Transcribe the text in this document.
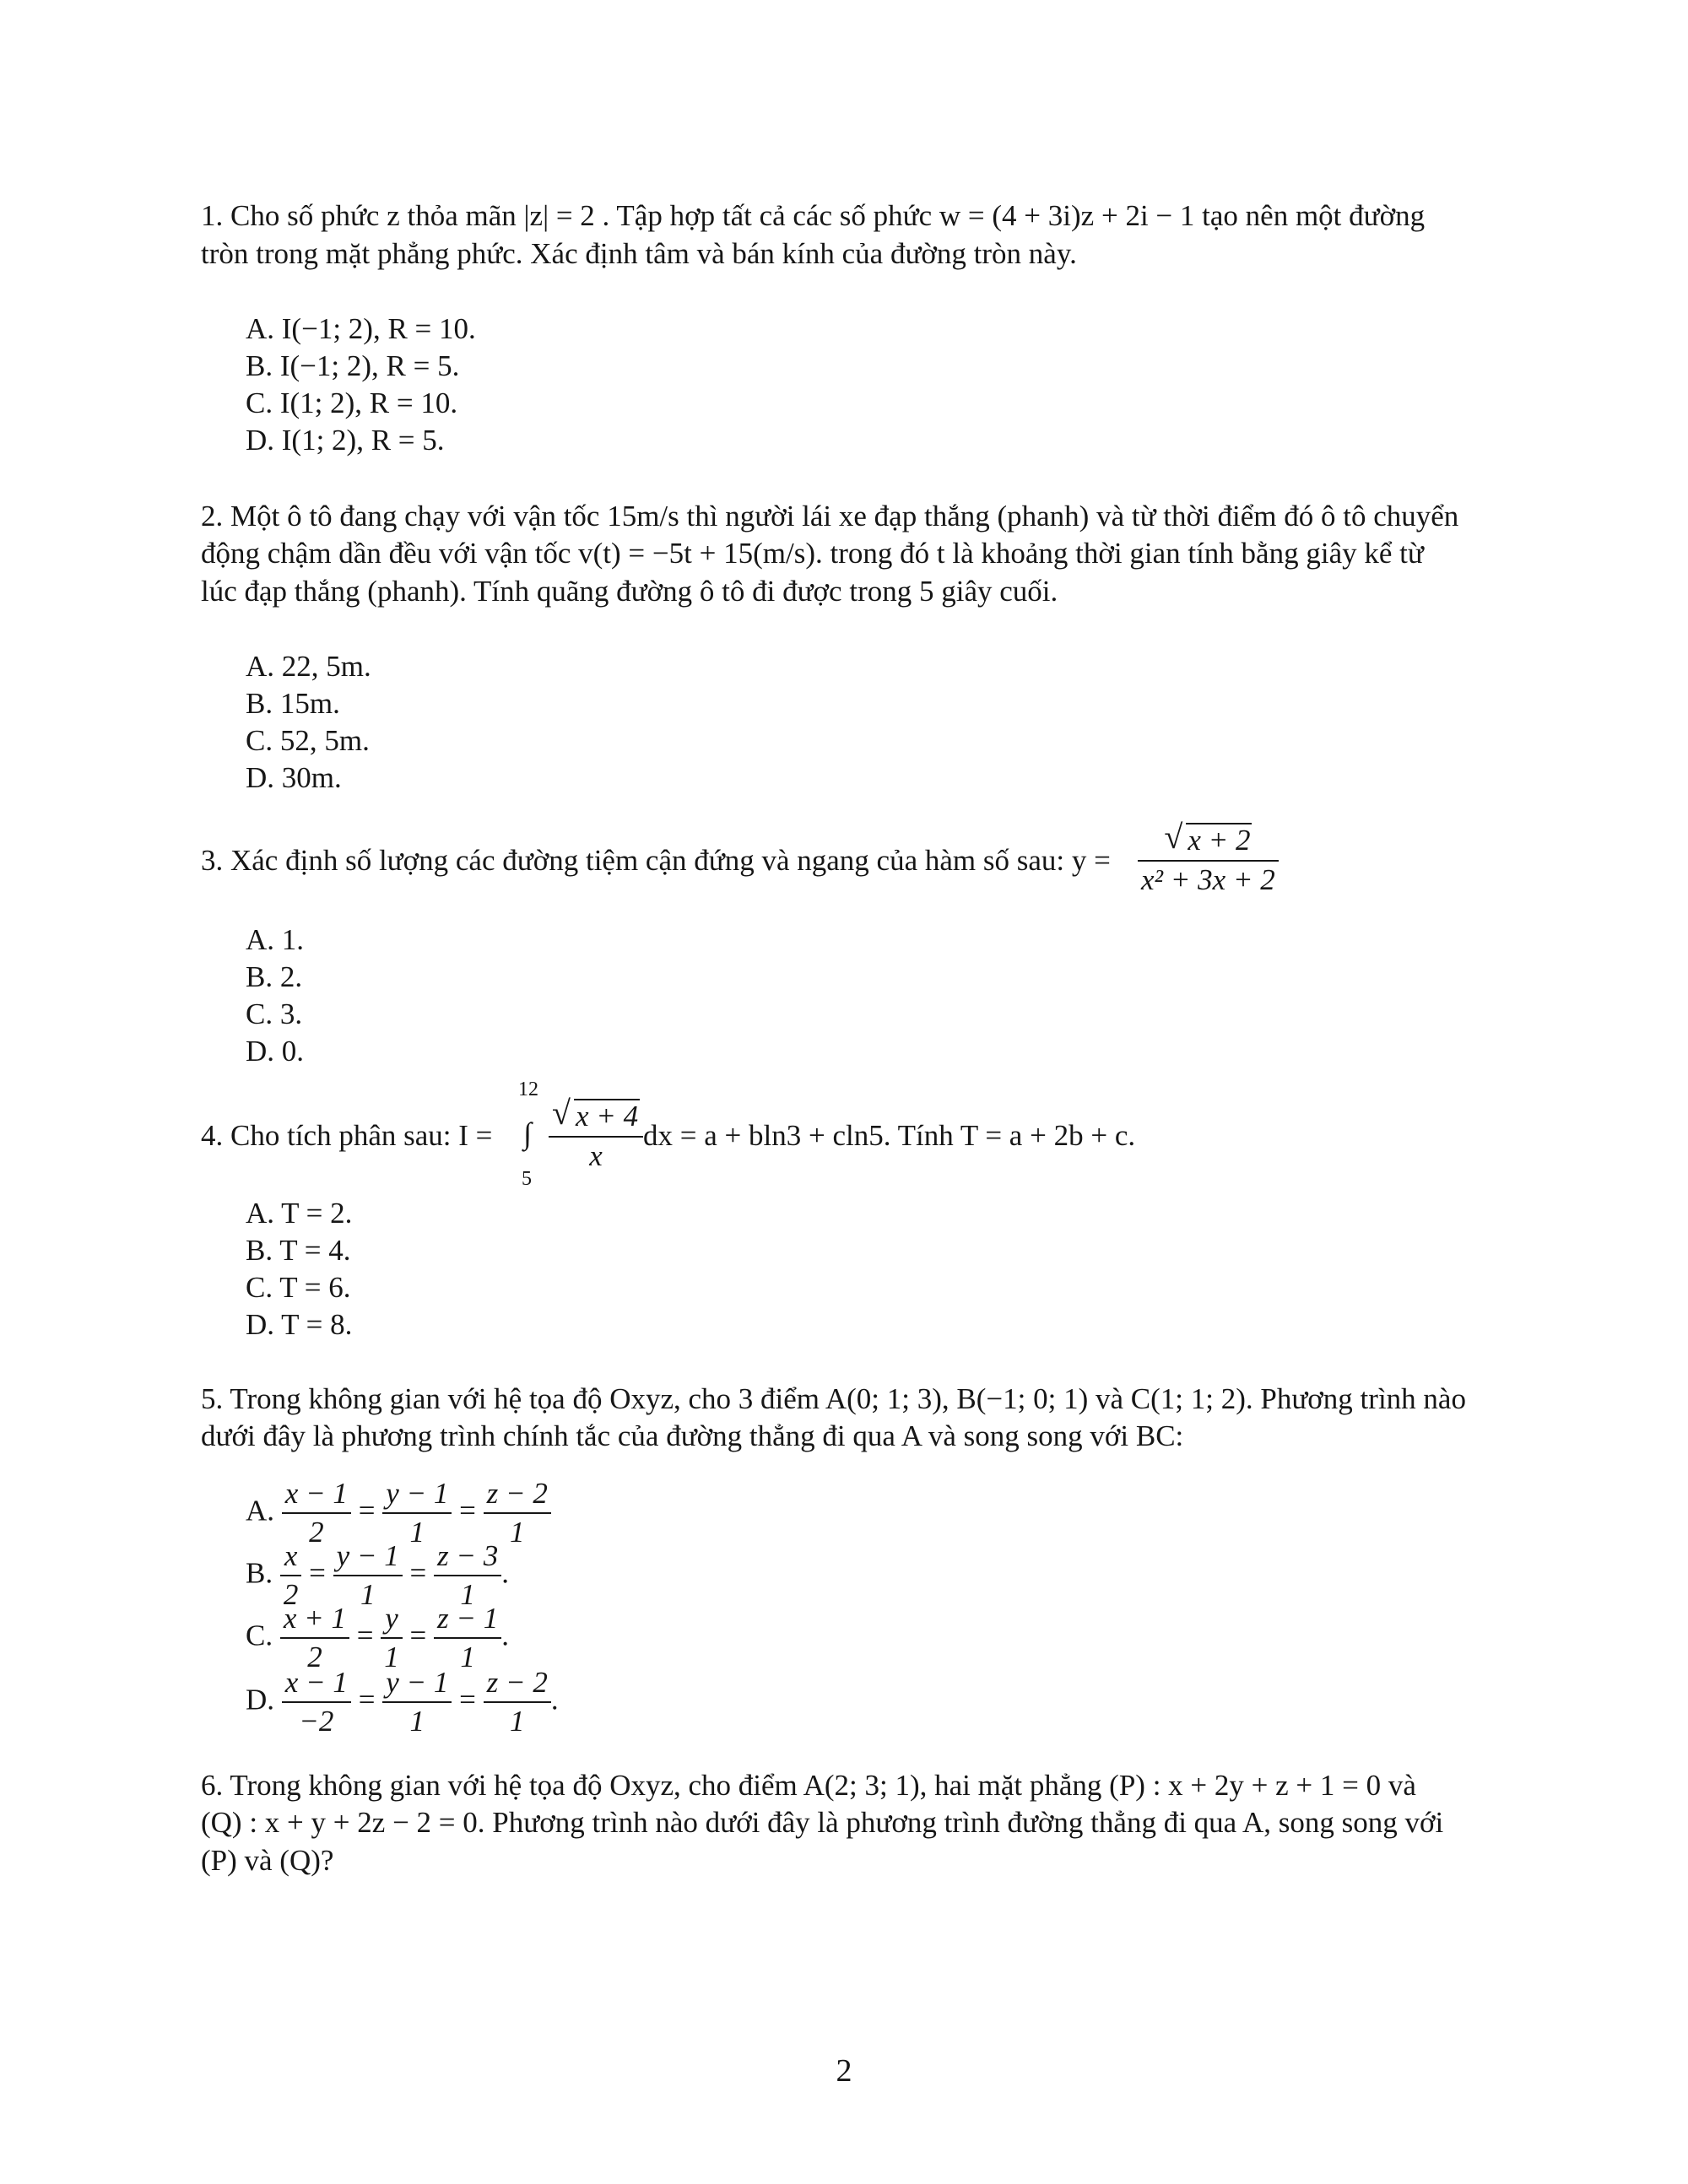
1. Cho số phức z thỏa mãn |z| = 2 . Tập hợp tất cả các số phức w = (4 + 3i)z + 2i − 1 tạo nên một đường
tròn trong mặt phẳng phức. Xác định tâm và bán kính của đường tròn này.
A. I(−1; 2), R = 10.
B. I(−1; 2), R = 5.
C. I(1; 2), R = 10.
D. I(1; 2), R = 5.
2. Một ô tô đang chạy với vận tốc 15m/s thì người lái xe đạp thắng (phanh) và từ thời điểm đó ô tô chuyển
động chậm dần đều với vận tốc v(t) = −5t + 15(m/s). trong đó t là khoảng thời gian tính bằng giây kể từ
lúc đạp thắng (phanh). Tính quãng đường ô tô đi được trong 5 giây cuối.
A. 22, 5m.
B. 15m.
C. 52, 5m.
D. 30m.
3. Xác định số lượng các đường tiệm cận đứng và ngang của hàm số sau: y =
√ $\frac{x + 2}{\text{x² + 3x + 2}}$
A. 1.
B. 2.
C. 3.
D. 0.
4. Cho tích phân sau: I = ∫
12
5
√ $\frac{x + 4}{x}$ dx = a + bln3 + cln5. Tính T = a + 2b + c.
A. T = 2.
B. T = 4.
C. T = 6.
D. T = 8.
5. Trong không gian với hệ tọa độ Oxyz, cho 3 điểm A(0; 1; 3), B(−1; 0; 1) và C(1; 1; 2). Phương trình nào
dưới đây là phương trình chính tắc của đường thẳng đi qua A và song song với BC:
A. $\frac{x - 1}{2} = \frac{y - 1}{1} = \frac{z - 2}{1}$
B. $\frac{x}{2} = \frac{y - 1}{1} = \frac{z - 3}{1}$ .
C. $\frac{x + 1}{2} = \frac{y}{1} = \frac{z - 1}{1}$ .
D. $\frac{x - 1}{-2} = \frac{y - 1}{1} = \frac{z - 2}{1}$ .
6. Trong không gian với hệ tọa độ Oxyz, cho điểm A(2; 3; 1), hai mặt phẳng (P) : x + 2y + z + 1 = 0 và
(Q) : x + y + 2z − 2 = 0. Phương trình nào dưới đây là phương trình đường thẳng đi qua A, song song với
(P) và (Q)?
2
